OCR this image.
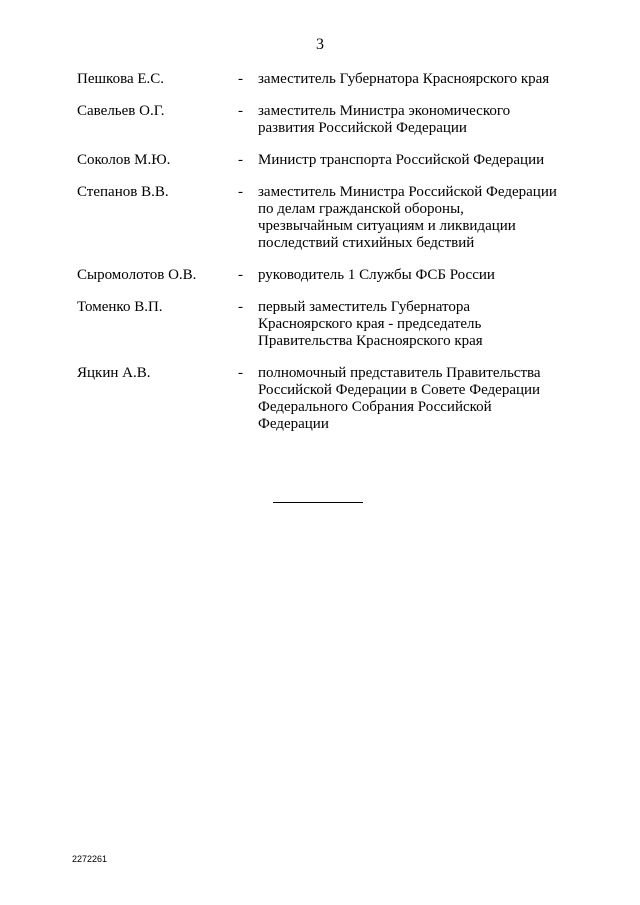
3
Пешкова Е.С.	- заместитель Губернатора Красноярского края
Савельев О.Г.	- заместитель Министра экономического
развития Российской Федерации
Соколов М.Ю.	- Министр транспорта Российской Федерации
Степанов В.В.	- заместитель Министра Российской Федерации
по делам гражданской обороны,
чрезвычайным ситуациям и ликвидации
последствий стихийных бедствий
Сыромолотов О.В.	- руководитель 1 Службы ФСБ России
Томенко В.П.	- первый заместитель Губернатора
Красноярского края - председатель
Правительства Красноярского края
Яцкин А.В.	- полномочный представитель Правительства
Российской Федерации в Совете Федерации
Федерального Собрания Российской
Федерации
2272261
